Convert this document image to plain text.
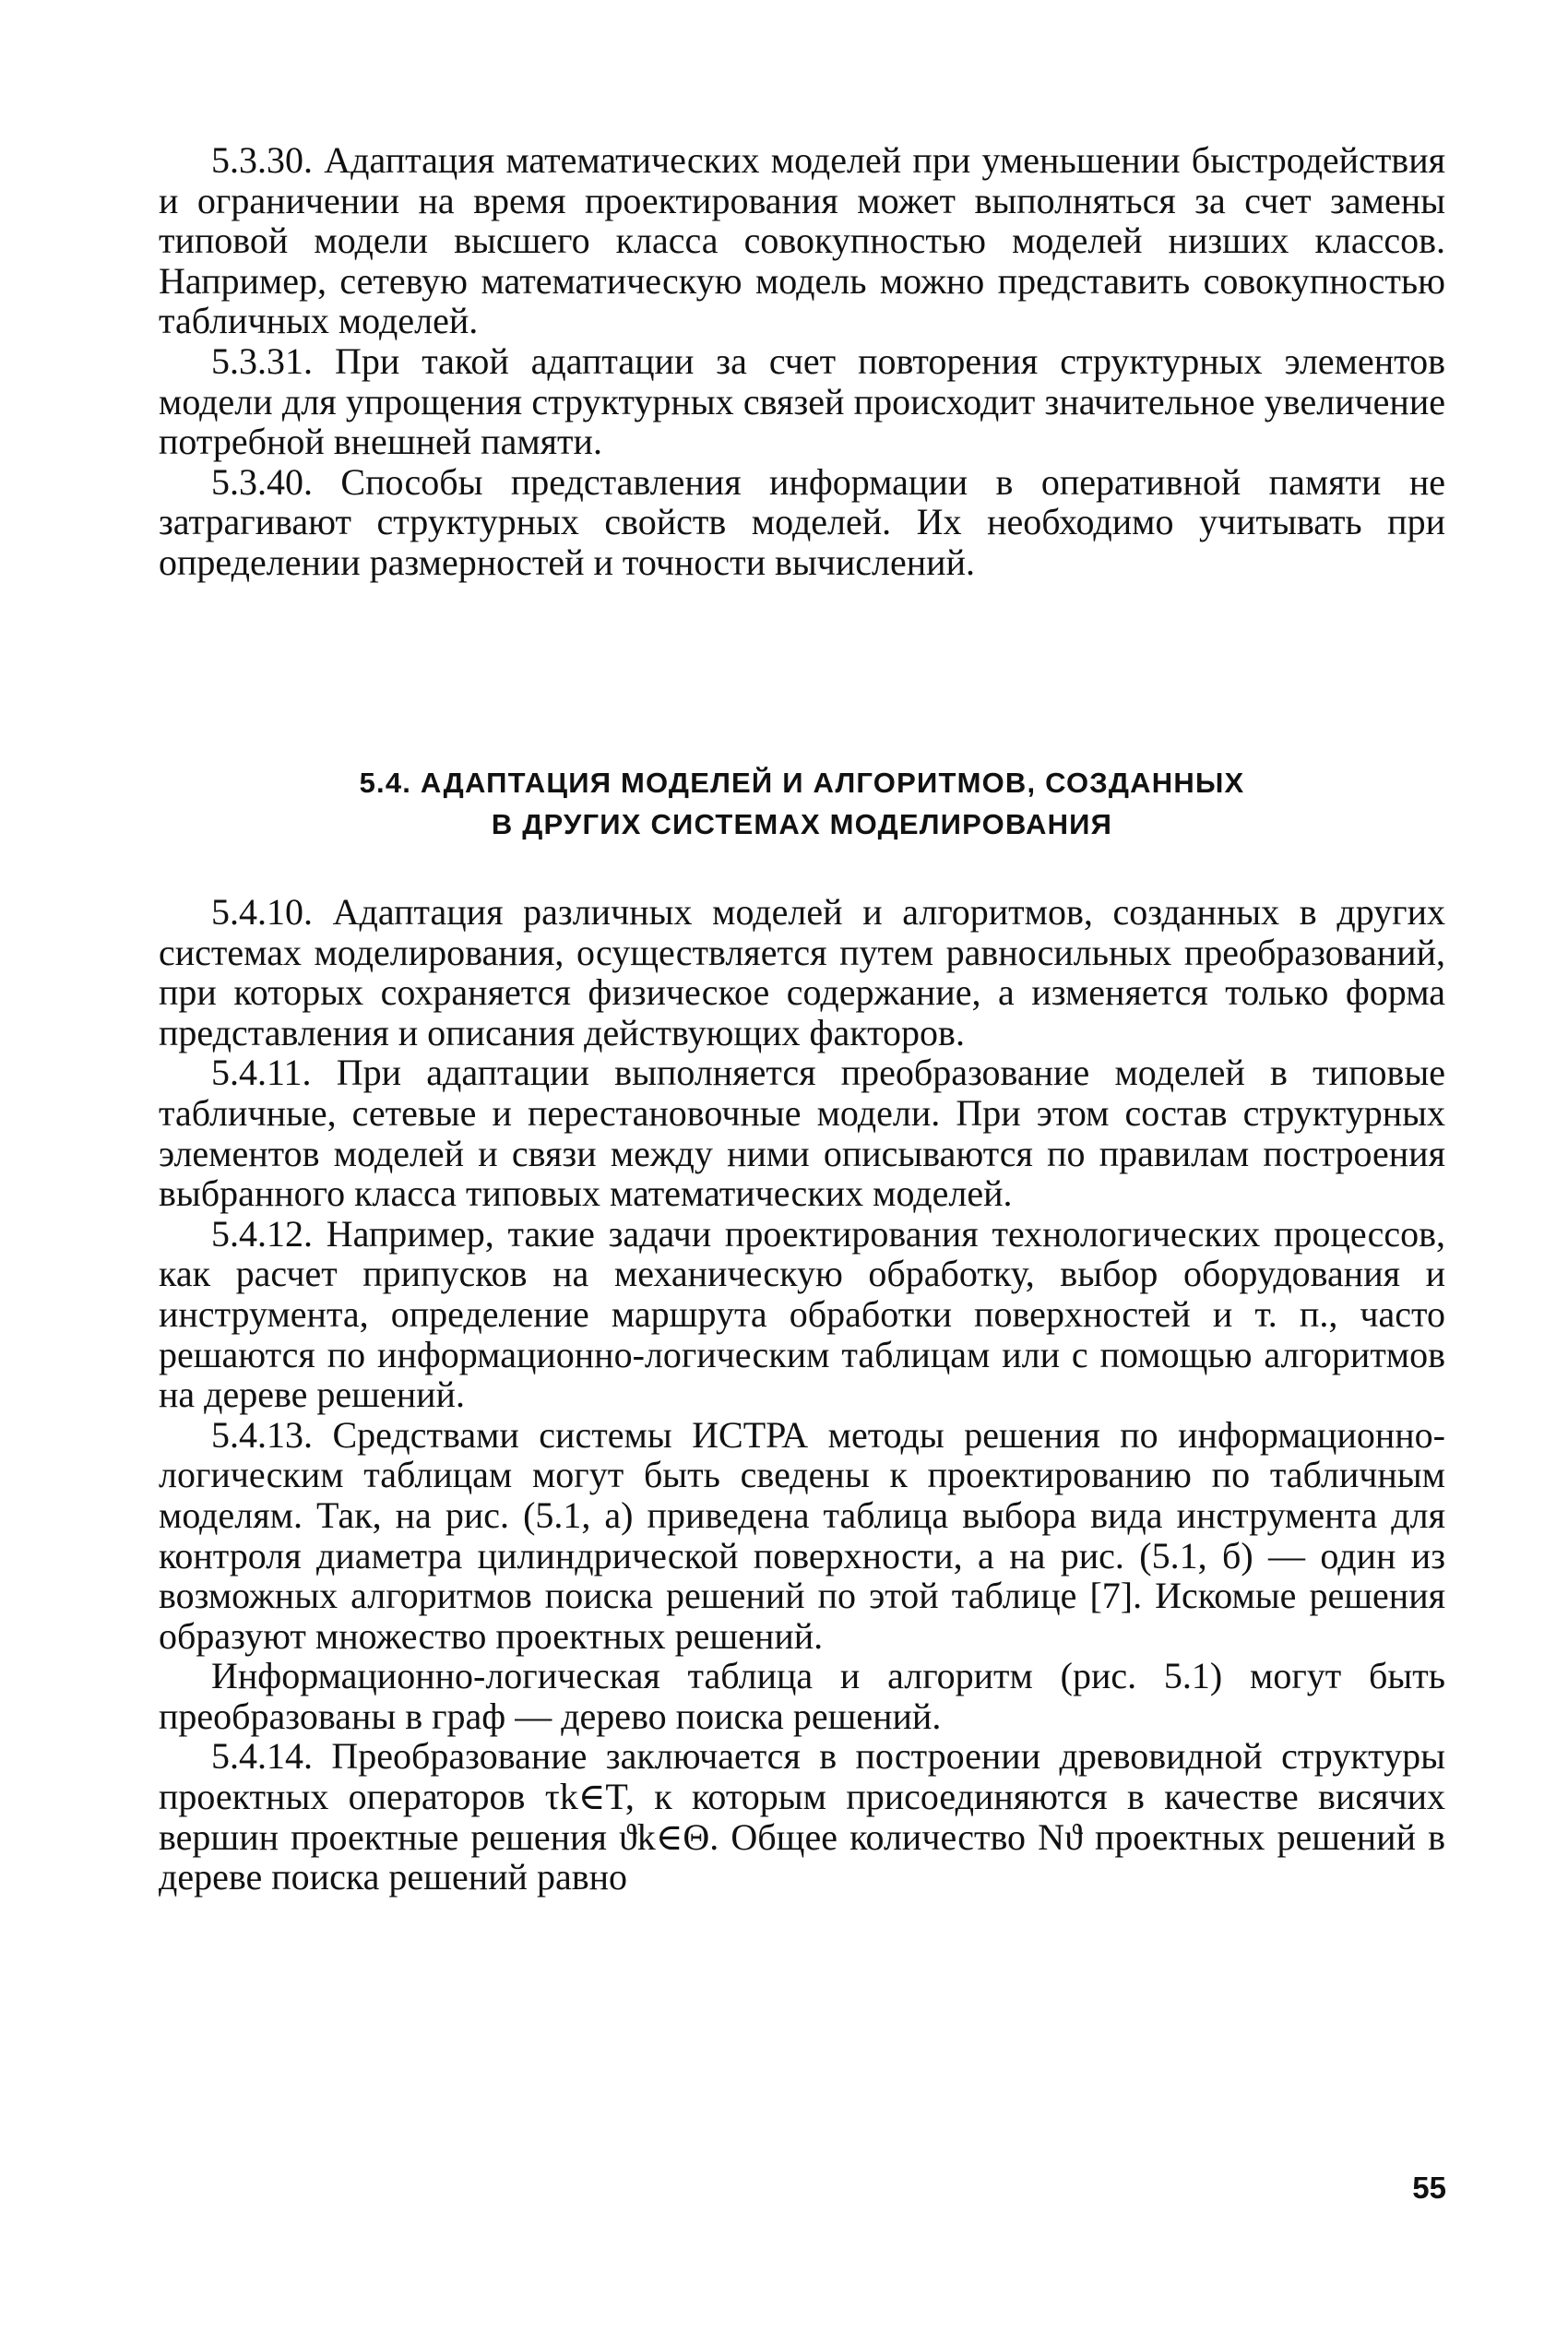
5.3.30. Адаптация математических моделей при уменьшении быстродействия и ограничении на время проектирования может выполняться за счет замены типовой модели высшего класса совокупностью моделей низших классов. Например, сетевую математическую модель можно представить совокупностью табличных моделей.

5.3.31. При такой адаптации за счет повторения структурных элементов модели для упрощения структурных связей происходит значительное увеличение потребной внешней памяти.

5.3.40. Способы представления информации в оперативной памяти не затрагивают структурных свойств моделей. Их необходимо учитывать при определении размерностей и точности вычислений.

5.4. АДАПТАЦИЯ МОДЕЛЕЙ И АЛГОРИТМОВ, СОЗДАННЫХ
В ДРУГИХ СИСТЕМАХ МОДЕЛИРОВАНИЯ

5.4.10. Адаптация различных моделей и алгоритмов, созданных в других системах моделирования, осуществляется путем равносильных преобразований, при которых сохраняется физическое содержание, а изменяется только форма представления и описания действующих факторов.

5.4.11. При адаптации выполняется преобразование моделей в типовые табличные, сетевые и перестановочные модели. При этом состав структурных элементов моделей и связи между ними описываются по правилам построения выбранного класса типовых математических моделей.

5.4.12. Например, такие задачи проектирования технологических процессов, как расчет припусков на механическую обработку, выбор оборудования и инструмента, определение маршрута обработки поверхностей и т. п., часто решаются по информационно-логическим таблицам или с помощью алгоритмов на дереве решений.

5.4.13. Средствами системы ИСТРА методы решения по информационно-логическим таблицам могут быть сведены к проектированию по табличным моделям. Так, на рис. (5.1, а) приведена таблица выбора вида инструмента для контроля диаметра цилиндрической поверхности, а на рис. (5.1, б) — один из возможных алгоритмов поиска решений по этой таблице [7]. Искомые решения образуют множество проектных решений.

Информационно-логическая таблица и алгоритм (рис. 5.1) могут быть преобразованы в граф — дерево поиска решений.

5.4.14. Преобразование заключается в построении древовидной структуры проектных операторов τk∈T, к которым присоединяются в качестве висячих вершин проектные решения ϑk∈Θ. Общее количество Nϑ проектных решений в дереве поиска решений равно

55
